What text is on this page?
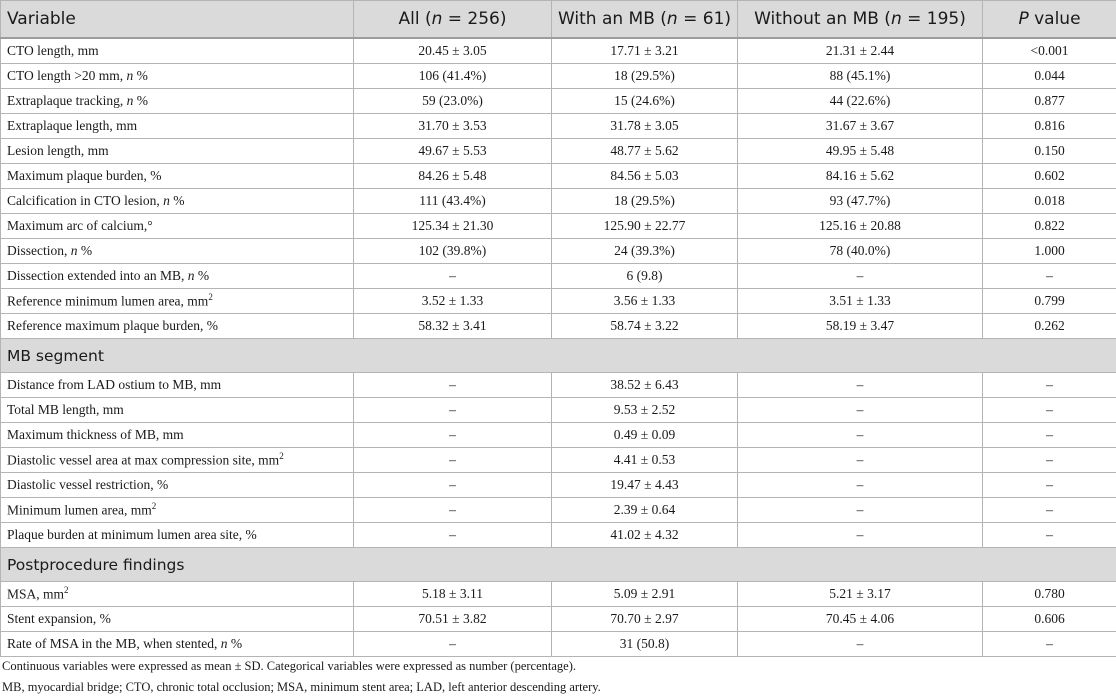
Variable	All (n = 256)	With an MB (n = 61)	Without an MB (n = 195)	P value
CTO length, mm	20.45 ± 3.05	17.71 ± 3.21	21.31 ± 2.44	<0.001
CTO length >20 mm, n %	106 (41.4%)	18 (29.5%)	88 (45.1%)	0.044
Extraplaque tracking, n %	59 (23.0%)	15 (24.6%)	44 (22.6%)	0.877
Extraplaque length, mm	31.70 ± 3.53	31.78 ± 3.05	31.67 ± 3.67	0.816
Lesion length, mm	49.67 ± 5.53	48.77 ± 5.62	49.95 ± 5.48	0.150
Maximum plaque burden, %	84.26 ± 5.48	84.56 ± 5.03	84.16 ± 5.62	0.602
Calcification in CTO lesion, n %	111 (43.4%)	18 (29.5%)	93 (47.7%)	0.018
Maximum arc of calcium,°	125.34 ± 21.30	125.90 ± 22.77	125.16 ± 20.88	0.822
Dissection, n %	102 (39.8%)	24 (39.3%)	78 (40.0%)	1.000
Dissection extended into an MB, n %	–	6 (9.8)	–	–
Reference minimum lumen area, $mm^2$	3.52 ± 1.33	3.56 ± 1.33	3.51 ± 1.33	0.799
Reference maximum plaque burden, %	58.32 ± 3.41	58.74 ± 3.22	58.19 ± 3.47	0.262
MB segment				
Distance from LAD ostium to MB, mm	–	38.52 ± 6.43	–	–
Total MB length, mm	–	9.53 ± 2.52	–	–
Maximum thickness of MB, mm	–	0.49 ± 0.09	–	–
Diastolic vessel area at max compression site, $mm^2$	–	4.41 ± 0.53	–	–
Diastolic vessel restriction, %	–	19.47 ± 4.43	–	–
Minimum lumen area, $mm^2$	–	2.39 ± 0.64	–	–
Plaque burden at minimum lumen area site, %	–	41.02 ± 4.32	–	–
Postprocedure findings				
MSA, $mm^2$	5.18 ± 3.11	5.09 ± 2.91	5.21 ± 3.17	0.780
Stent expansion, %	70.51 ± 3.82	70.70 ± 2.97	70.45 ± 4.06	0.606
Rate of MSA in the MB, when stented, n %	–	31 (50.8)	–	–
Continuous variables were expressed as mean ± SD. Categorical variables were expressed as number (percentage).
MB, myocardial bridge; CTO, chronic total occlusion; MSA, minimum stent area; LAD, left anterior descending artery.
